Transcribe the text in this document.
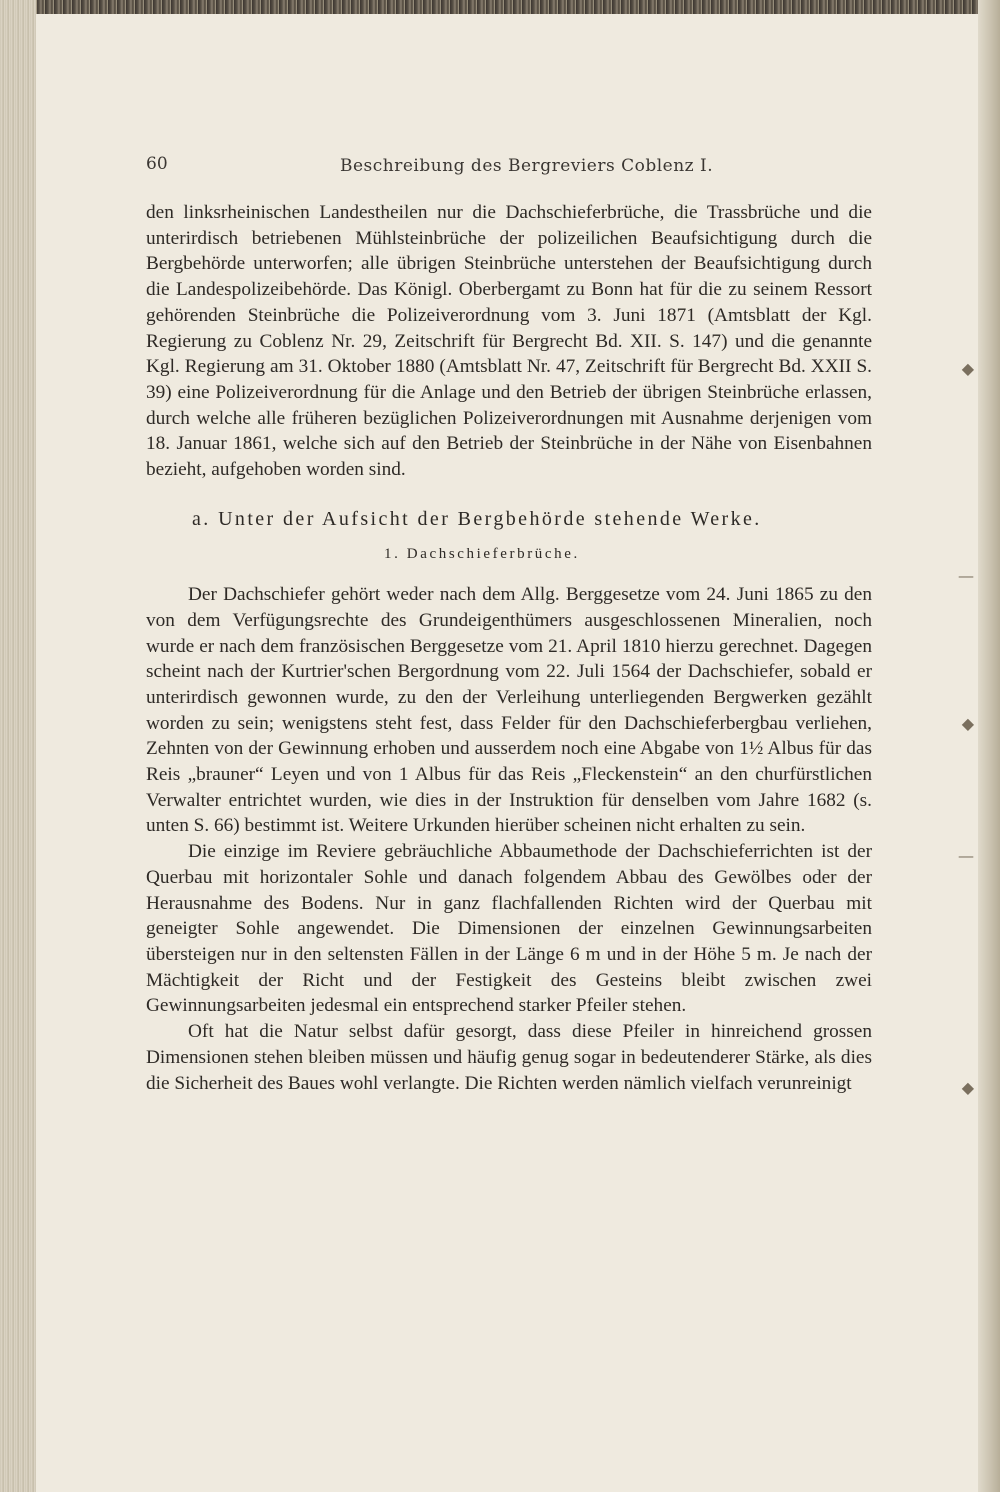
60	Beschreibung des Bergreviers Coblenz I.

den linksrheinischen Landestheilen nur die Dachschieferbrüche, die Trassbrüche und die unterirdisch betriebenen Mühlsteinbrüche der polizeilichen Beaufsichtigung durch die Bergbehörde unterworfen; alle übrigen Steinbrüche unterstehen der Beaufsichtigung durch die Landespolizeibehörde. Das Königl. Oberbergamt zu Bonn hat für die zu seinem Ressort gehörenden Steinbrüche die Polizeiverordnung vom 3. Juni 1871 (Amtsblatt der Kgl. Regierung zu Coblenz Nr. 29, Zeitschrift für Bergrecht Bd. XII. S. 147) und die genannte Kgl. Regierung am 31. Oktober 1880 (Amtsblatt Nr. 47, Zeitschrift für Bergrecht Bd. XXII S. 39) eine Polizeiverordnung für die Anlage und den Betrieb der übrigen Steinbrüche erlassen, durch welche alle früheren bezüglichen Polizeiverordnungen mit Ausnahme derjenigen vom 18. Januar 1861, welche sich auf den Betrieb der Steinbrüche in der Nähe von Eisenbahnen bezieht, aufgehoben worden sind.

a. Unter der Aufsicht der Bergbehörde stehende Werke.

1. Dachschieferbrüche.

Der Dachschiefer gehört weder nach dem Allg. Berggesetze vom 24. Juni 1865 zu den von dem Verfügungsrechte des Grundeigenthümers ausgeschlossenen Mineralien, noch wurde er nach dem französischen Berggesetze vom 21. April 1810 hierzu gerechnet. Dagegen scheint nach der Kurtrier'schen Bergordnung vom 22. Juli 1564 der Dachschiefer, sobald er unterirdisch gewonnen wurde, zu den der Verleihung unterliegenden Bergwerken gezählt worden zu sein; wenigstens steht fest, dass Felder für den Dachschieferbergbau verliehen, Zehnten von der Gewinnung erhoben und ausserdem noch eine Abgabe von 1½ Albus für das Reis „brauner“ Leyen und von 1 Albus für das Reis „Fleckenstein“ an den churfürstlichen Verwalter entrichtet wurden, wie dies in der Instruktion für denselben vom Jahre 1682 (s. unten S. 66) bestimmt ist. Weitere Urkunden hierüber scheinen nicht erhalten zu sein.

Die einzige im Reviere gebräuchliche Abbaumethode der Dachschieferrichten ist der Querbau mit horizontaler Sohle und danach folgendem Abbau des Gewölbes oder der Herausnahme des Bodens. Nur in ganz flachfallenden Richten wird der Querbau mit geneigter Sohle angewendet. Die Dimensionen der einzelnen Gewinnungsarbeiten übersteigen nur in den seltensten Fällen in der Länge 6 m und in der Höhe 5 m. Je nach der Mächtigkeit der Richt und der Festigkeit des Gesteins bleibt zwischen zwei Gewinnungsarbeiten jedesmal ein entsprechend starker Pfeiler stehen.

Oft hat die Natur selbst dafür gesorgt, dass diese Pfeiler in hinreichend grossen Dimensionen stehen bleiben müssen und häufig genug sogar in bedeutenderer Stärke, als dies die Sicherheit des Baues wohl verlangte. Die Richten werden nämlich vielfach verunreinigt

◆
—
◆
—
◆
